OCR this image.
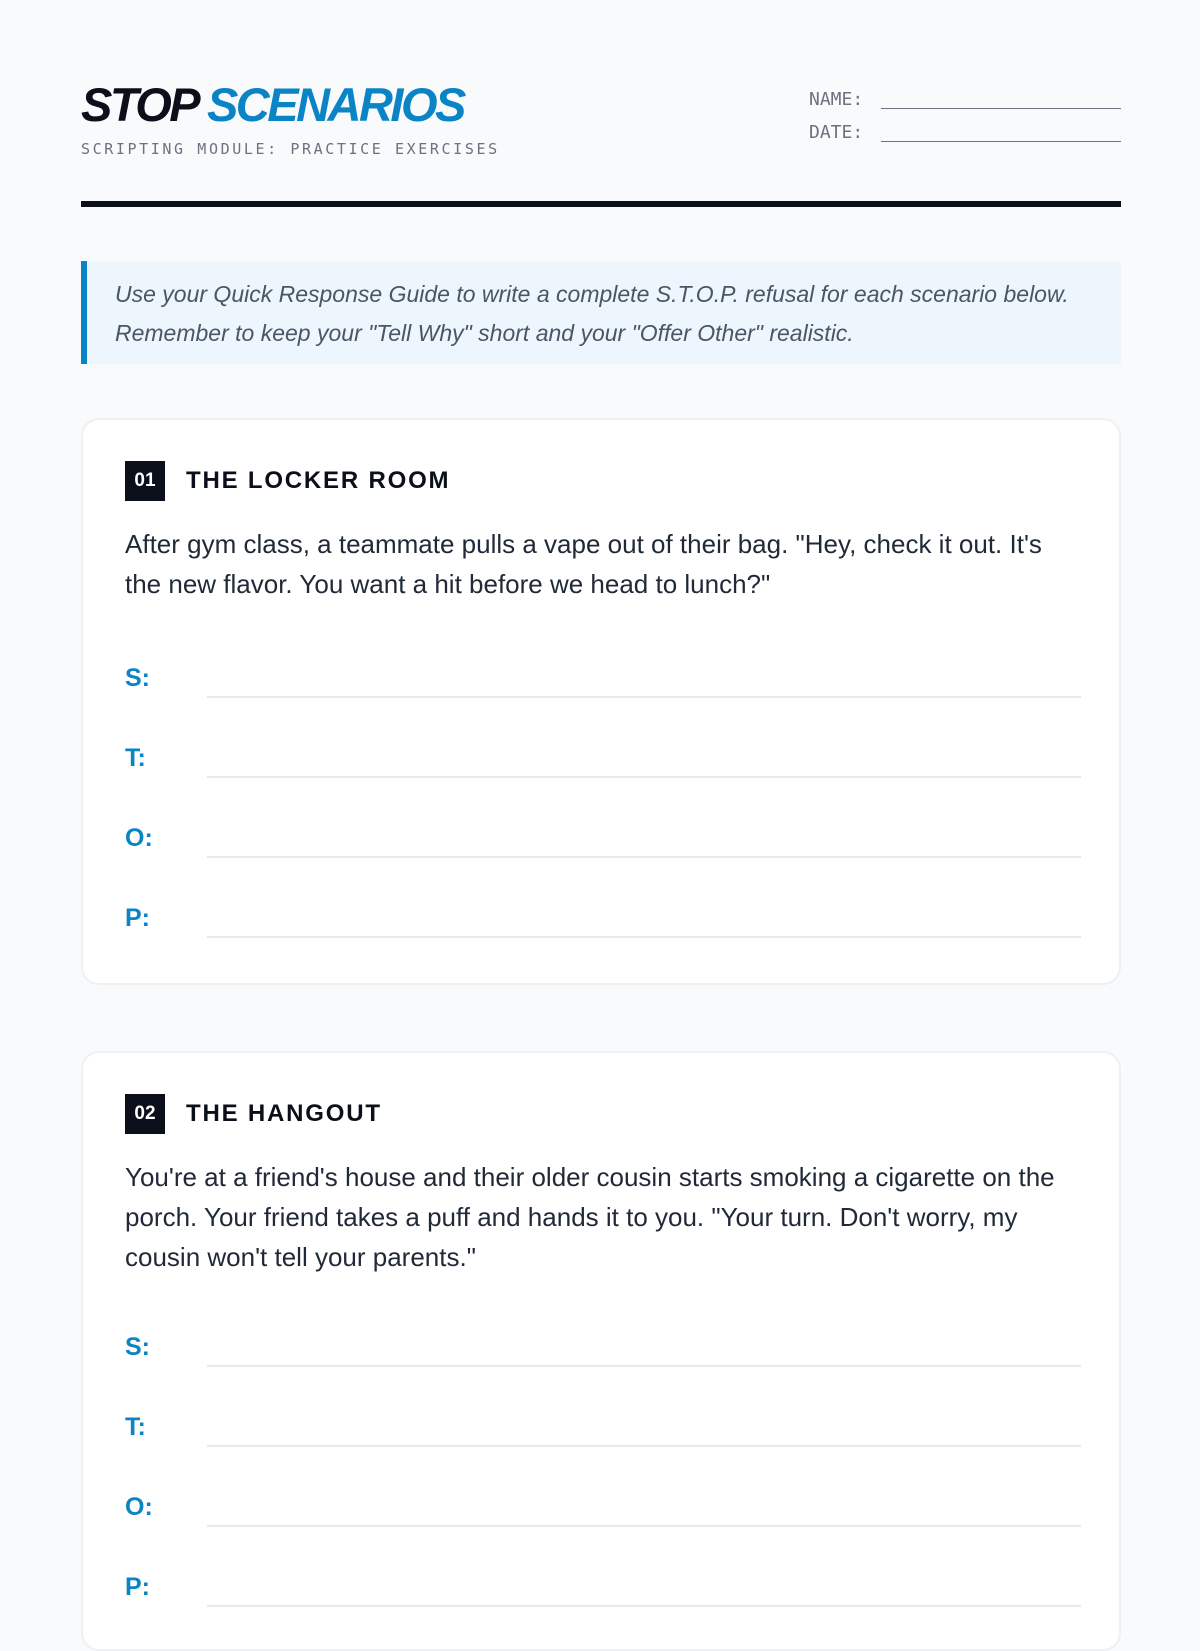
STOP SCENARIOS
SCRIPTING MODULE: PRACTICE EXERCISES
NAME:
DATE:
Use your Quick Response Guide to write a complete S.T.O.P. refusal for each scenario below. Remember to keep your "Tell Why" short and your "Offer Other" realistic.
01	THE LOCKER ROOM
After gym class, a teammate pulls a vape out of their bag. "Hey, check it out. It's the new flavor. You want a hit before we head to lunch?"
S:
T:
O:
P:
02	THE HANGOUT
You're at a friend's house and their older cousin starts smoking a cigarette on the porch. Your friend takes a puff and hands it to you. "Your turn. Don't worry, my cousin won't tell your parents."
S:
T:
O:
P:
